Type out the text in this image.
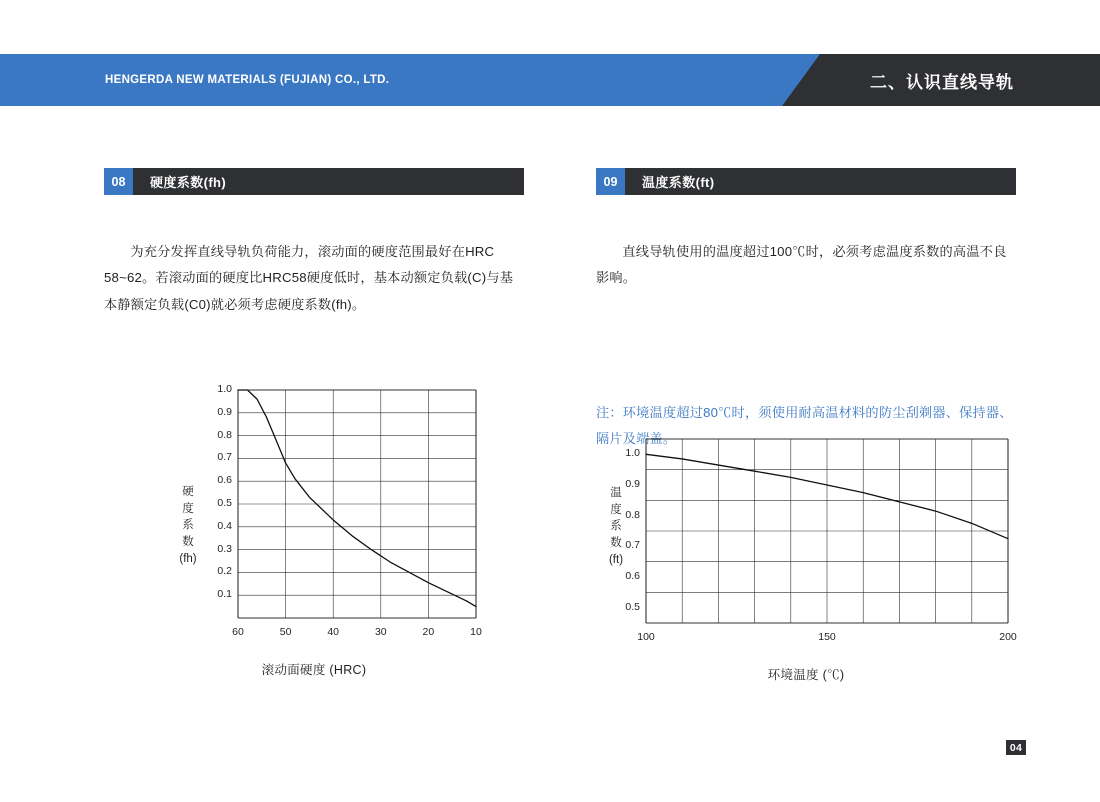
HENGERDA NEW MATERIALS (FUJIAN) CO., LTD.	二、认识直线导轨
08	硬度系数(fh)
为充分发挥直线导轨负荷能力，滚动面的硬度范围最好在HRC 58~62。若滚动面的硬度比HRC58硬度低时，基本动额定负载(C)与基本静额定负载(C0)就必须考虑硬度系数(fh)。
09	温度系数(ft)
直线导轨使用的温度超过100℃时，必须考虑温度系数的高温不良影响。
注：环境温度超过80℃时，须使用耐高温材料的防尘刮剃器、保持器、隔片及端盖。
硬
度
系
数
(fh)
滚动面硬度 (HRC)
1.0
0.9
0.8
0.7
0.6
0.5
0.4
0.3
0.2
0.1
60	50	40	30	20	10
温
度
系
数
(ft)
环境温度 (℃)
1.0
0.9
0.8
0.7
0.6
0.5
100	150	200
04
